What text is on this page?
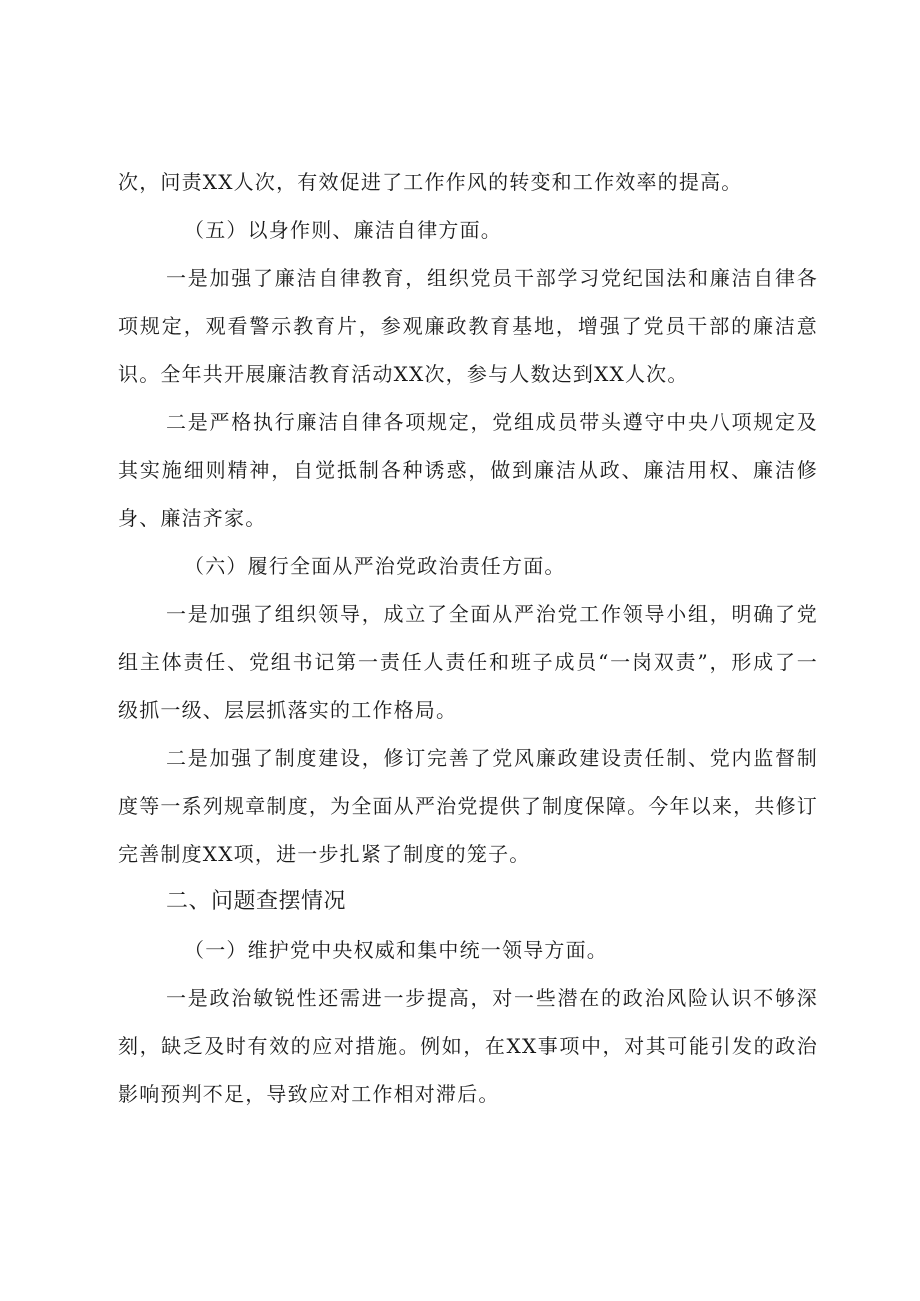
次，问责XX人次，有效促进了工作作风的转变和工作效率的提高。

（五）以身作则、廉洁自律方面。

一是加强了廉洁自律教育，组织党员干部学习党纪国法和廉洁自律各项规定，观看警示教育片，参观廉政教育基地，增强了党员干部的廉洁意识。全年共开展廉洁教育活动XX次，参与人数达到XX人次。

二是严格执行廉洁自律各项规定，党组成员带头遵守中央八项规定及其实施细则精神，自觉抵制各种诱惑，做到廉洁从政、廉洁用权、廉洁修身、廉洁齐家。

（六）履行全面从严治党政治责任方面。

一是加强了组织领导，成立了全面从严治党工作领导小组，明确了党组主体责任、党组书记第一责任人责任和班子成员“一岗双责”，形成了一级抓一级、层层抓落实的工作格局。

二是加强了制度建设，修订完善了党风廉政建设责任制、党内监督制度等一系列规章制度，为全面从严治党提供了制度保障。今年以来，共修订完善制度XX项，进一步扎紧了制度的笼子。

二、问题查摆情况

（一）维护党中央权威和集中统一领导方面。

一是政治敏锐性还需进一步提高，对一些潜在的政治风险认识不够深刻，缺乏及时有效的应对措施。例如，在XX事项中，对其可能引发的政治影响预判不足，导致应对工作相对滞后。
